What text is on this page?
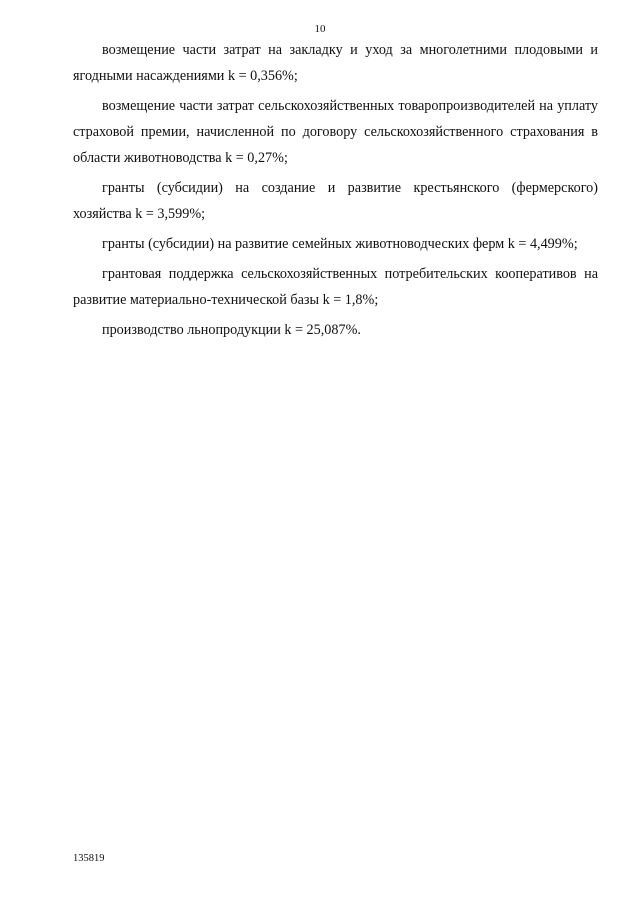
10

возмещение части затрат на закладку и уход за многолетними плодовыми и ягодными насаждениями k = 0,356%;

возмещение части затрат сельскохозяйственных товаропроизводителей на уплату страховой премии, начисленной по договору сельскохозяйственного страхования в области животноводства k = 0,27%;

гранты (субсидии) на создание и развитие крестьянского (фермерского) хозяйства k = 3,599%;

гранты (субсидии) на развитие семейных животноводческих ферм k = 4,499%;

грантовая поддержка сельскохозяйственных потребительских кооперативов на развитие материально-технической базы k = 1,8%;

производство льнопродукции k = 25,087%.

135819
